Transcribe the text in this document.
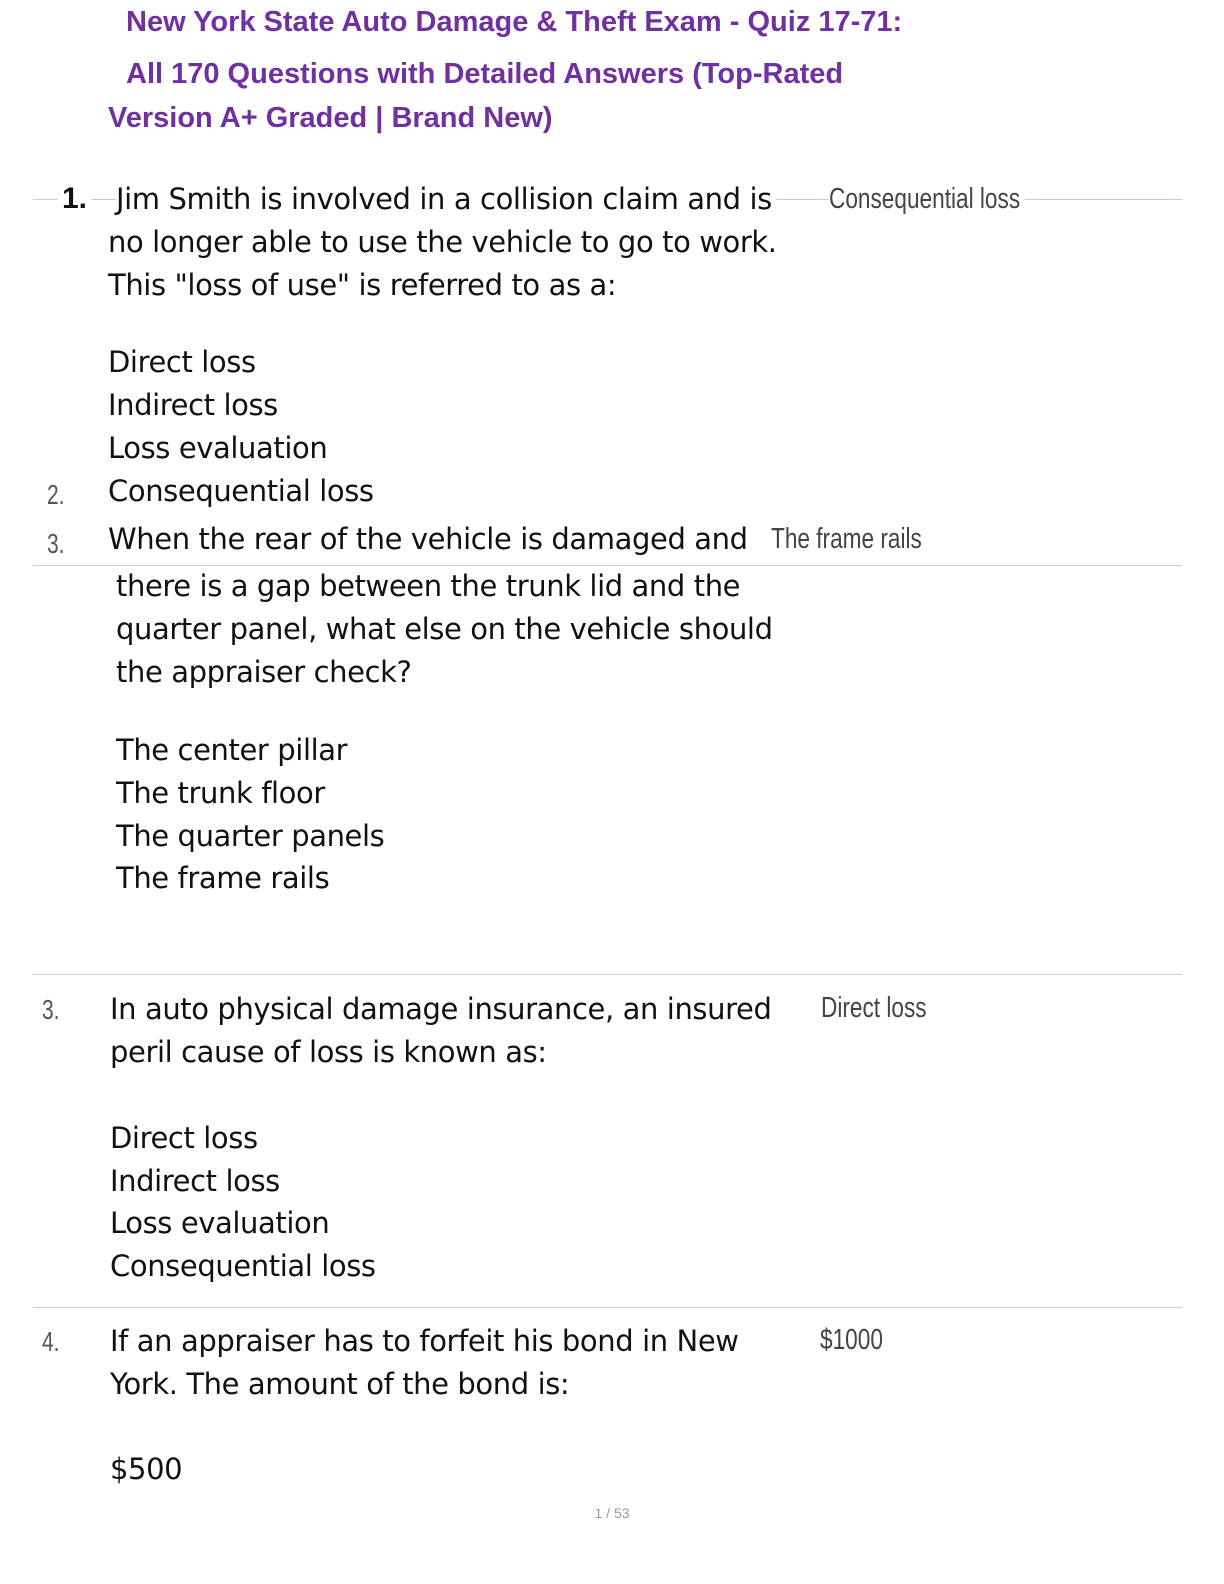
New York State Auto Damage & Theft Exam - Quiz 17-71:
All 170 Questions with Detailed Answers (Top-Rated
Version A+ Graded | Brand New)
1. Jim Smith is involved in a collision claim and is
no longer able to use the vehicle to go to work.
This "loss of use" is referred to as a:
Direct loss
Indirect loss
Loss evaluation
Consequential loss
Consequential loss
2.
3. When the rear of the vehicle is damaged and The frame rails
there is a gap between the trunk lid and the
quarter panel, what else on the vehicle should
the appraiser check?
The center pillar
The trunk floor
The quarter panels
The frame rails
3. In auto physical damage insurance, an insured
peril cause of loss is known as:
Direct loss
Direct loss
Indirect loss
Loss evaluation
Consequential loss
4. If an appraiser has to forfeit his bond in New
York. The amount of the bond is:
$1000
$500
1 / 53
